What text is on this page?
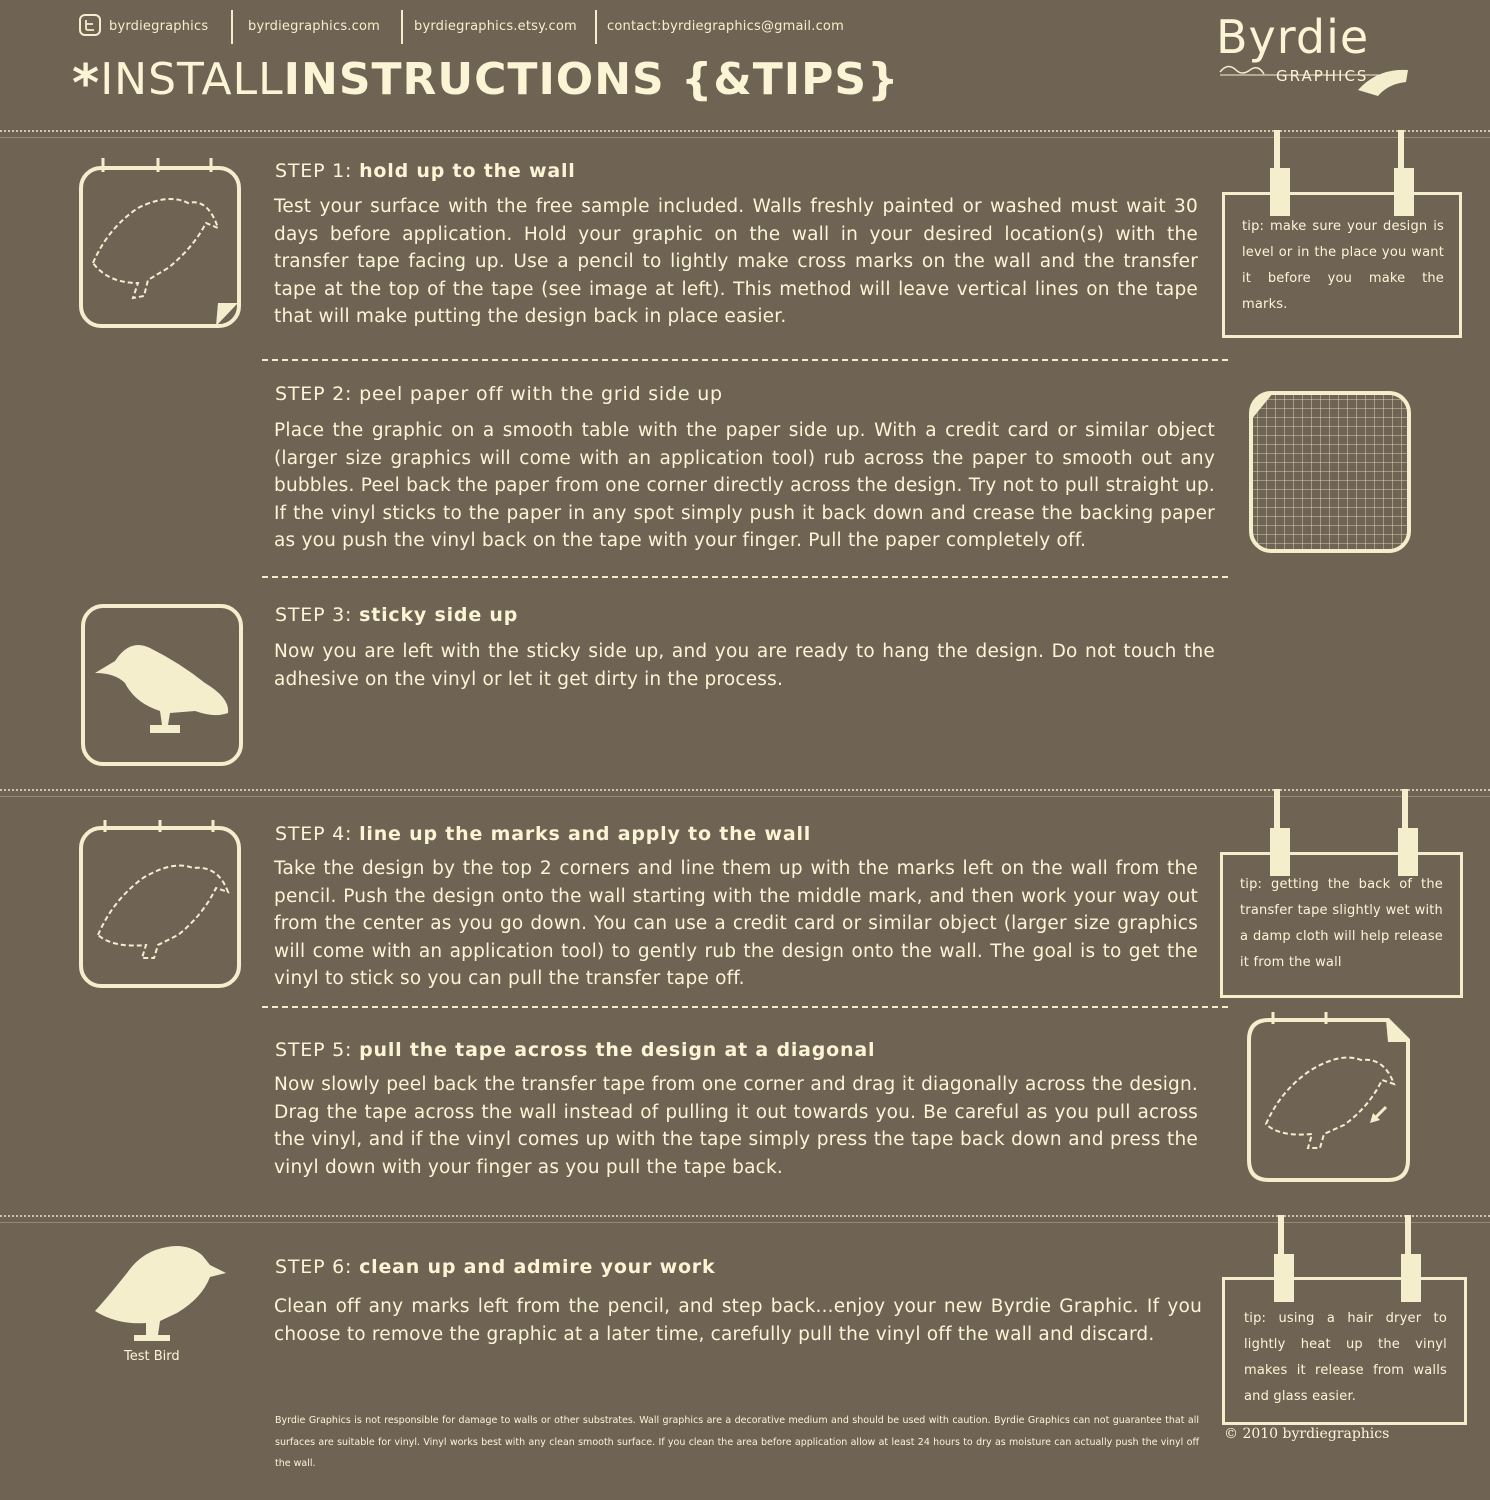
byrdiegraphics	byrdiegraphics.com	byrdiegraphics.etsy.com contact:byrdiegraphics@gmail.com
*INSTALLINSTRUCTIONS {&TIPS}
Byrdie
GRAPHICS
STEP 1: hold up to the wall
Test your surface with the free sample included. Walls freshly painted or washed must wait 30 days before application. Hold your graphic on the wall in your desired location(s) with the transfer tape facing up. Use a pencil to lightly make cross marks on the wall and the transfer tape at the top of the tape (see image at left). This method will leave vertical lines on the tape that will make putting the design back in place easier.

tip: make sure your design is level or in the place you want it before you make the marks.

STEP 2: peel paper off with the grid side up
Place the graphic on a smooth table with the paper side up. With a credit card or similar object (larger size graphics will come with an application tool) rub across the paper to smooth out any bubbles. Peel back the paper from one corner directly across the design. Try not to pull straight up. If the vinyl sticks to the paper in any spot simply push it back down and crease the backing paper as you push the vinyl back on the tape with your finger. Pull the paper completely off.
STEP 3: sticky side up
Now you are left with the sticky side up, and you are ready to hang the design. Do not touch the adhesive on the vinyl or let it get dirty in the process.
STEP 4: line up the marks and apply to the wall
Take the design by the top 2 corners and line them up with the marks left on the wall from the pencil. Push the design onto the wall starting with the middle mark, and then work your way out from the center as you go down. You can use a credit card or similar object (larger size graphics will come with an application tool) to gently rub the design onto the wall. The goal is to get the vinyl to stick so you can pull the transfer tape off.

tip: getting the back of the transfer tape slightly wet with a damp cloth will help release it from the wall

STEP 5: pull the tape across the design at a diagonal
Now slowly peel back the transfer tape from one corner and drag it diagonally across the design. Drag the tape across the wall instead of pulling it out towards you. Be careful as you pull across the vinyl, and if the vinyl comes up with the tape simply press the tape back down and press the vinyl down with your finger as you pull the tape back.
Test Bird
STEP 6: clean up and admire your work
Clean off any marks left from the pencil, and step back...enjoy your new Byrdie Graphic. If you choose to remove the graphic at a later time, carefully pull the vinyl off the wall and discard.

tip: using a hair dryer to lightly heat up the vinyl makes it release from walls and glass easier.

Byrdie Graphics is not responsible for damage to walls or other substrates. Wall graphics are a decorative medium and should be used with caution. Byrdie Graphics can not guarantee that all surfaces are suitable for vinyl. Vinyl works best with any clean smooth surface. If you clean the area before application allow at least 24 hours to dry as moisture can actually push the vinyl off the wall.
© 2010 byrdiegraphics
